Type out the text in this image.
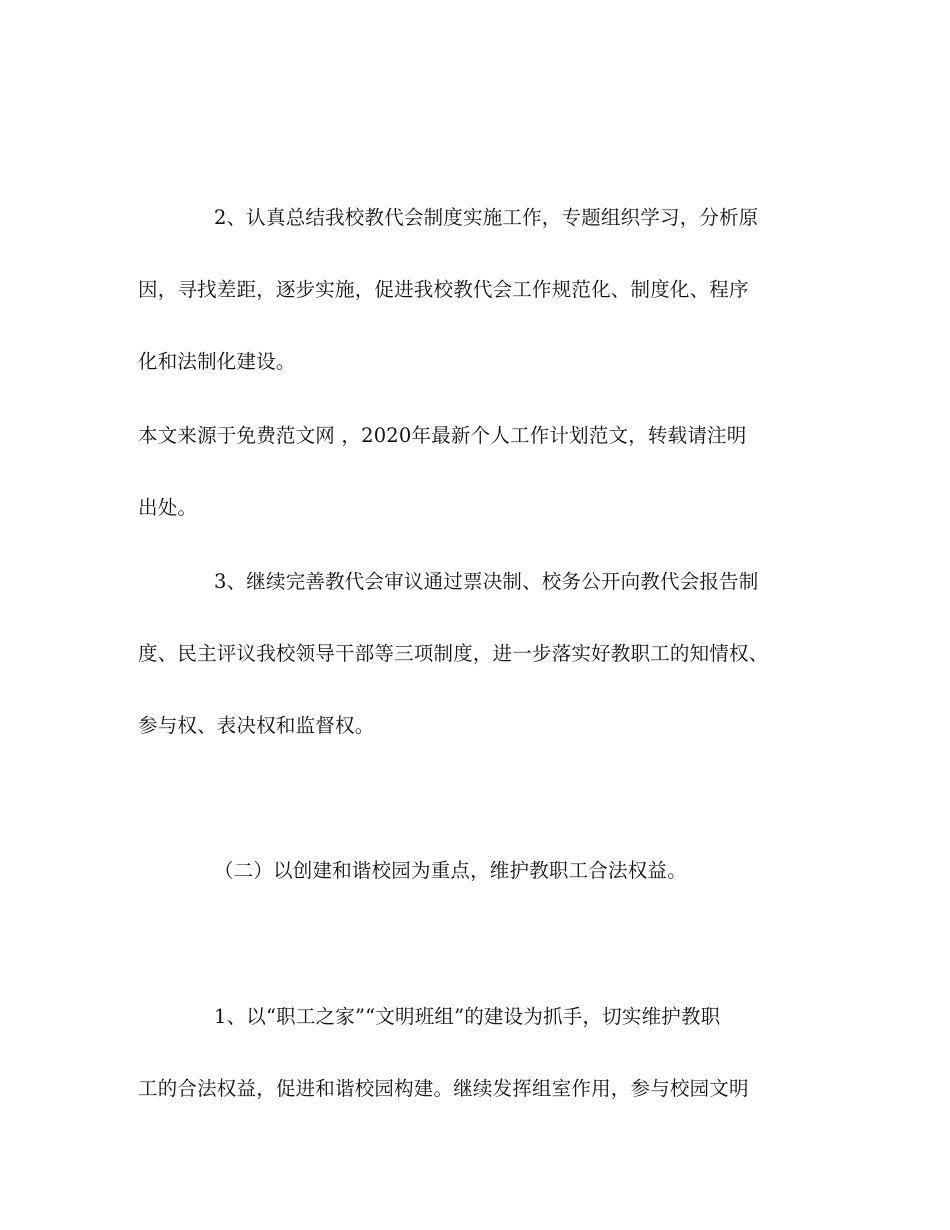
2、认真总结我校教代会制度实施工作，专题组织学习，分析原
因，寻找差距，逐步实施，促进我校教代会工作规范化、制度化、程序
化和法制化建设。
本文来源于免费范文网 ，2020年最新个人工作计划范文，转载请注明
出处。
3、继续完善教代会审议通过票决制、校务公开向教代会报告制
度、民主评议我校领导干部等三项制度，进一步落实好教职工的知情权、
参与权、表决权和监督权。
（二）以创建和谐校园为重点，维护教职工合法权益。
1、以“职工之家”“文明班组”的建设为抓手，切实维护教职
工的合法权益，促进和谐校园构建。继续发挥组室作用，参与校园文明
